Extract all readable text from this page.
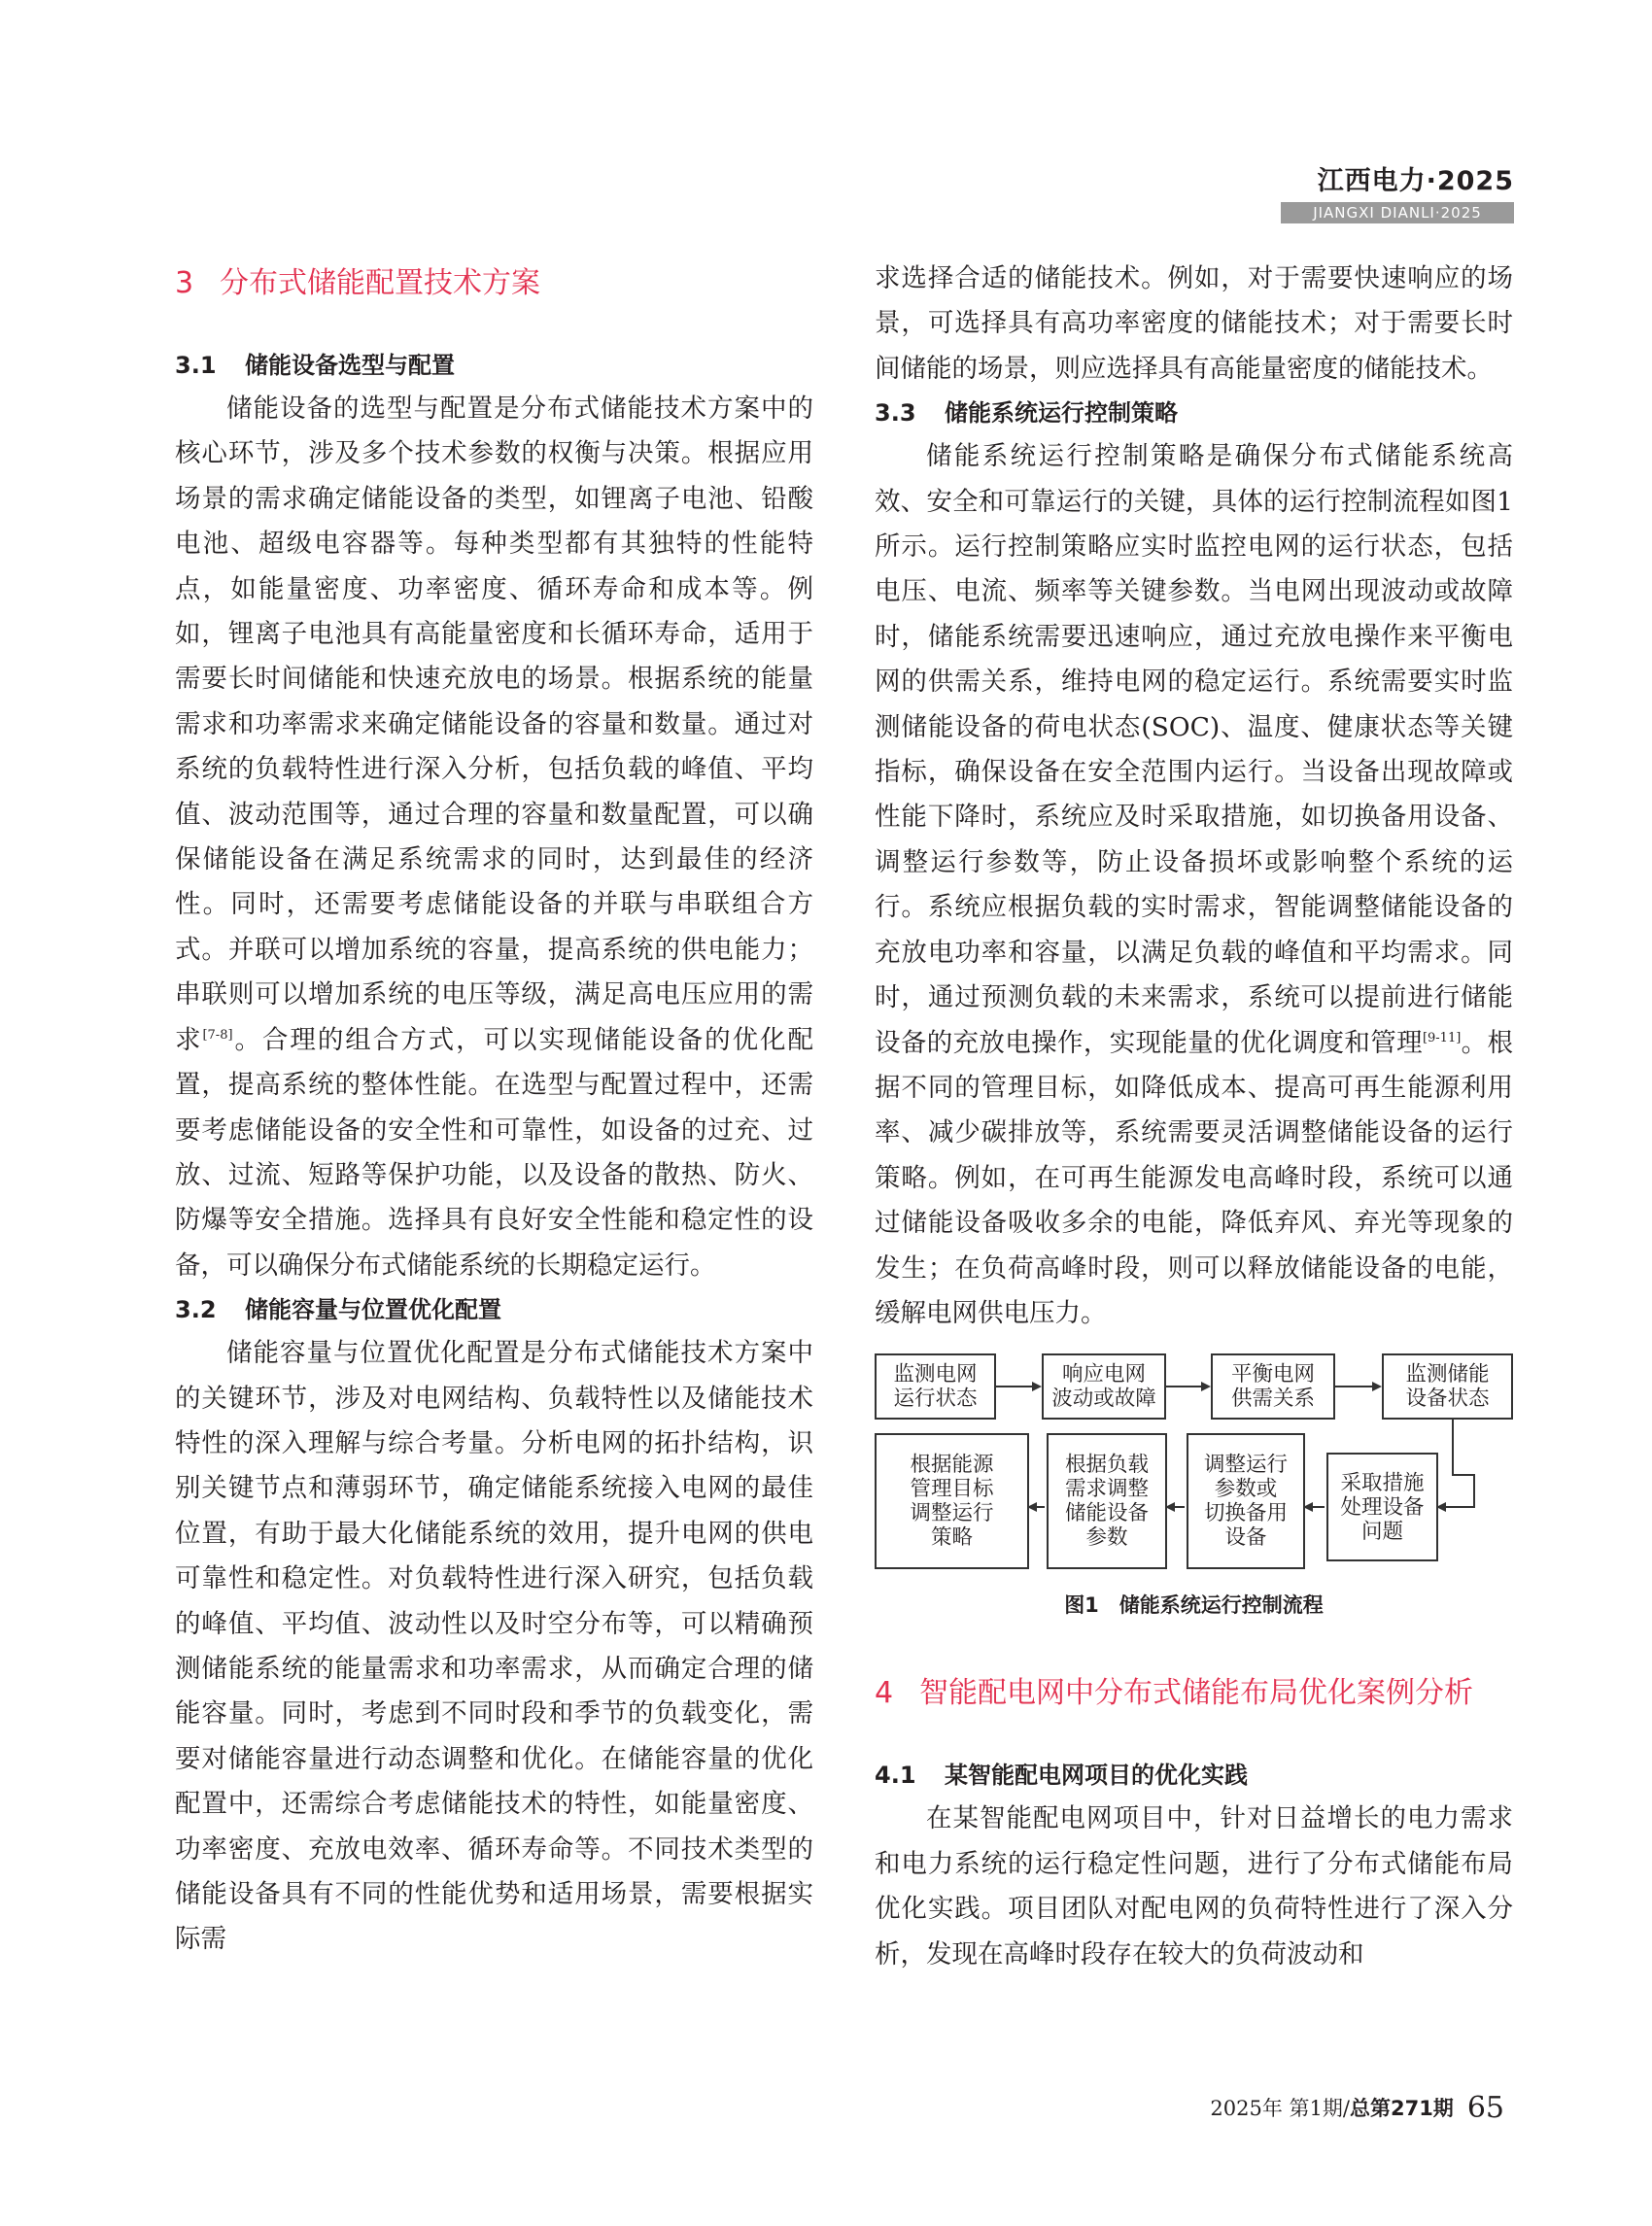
江西电力·2025
JIANGXI DIANLI·2025
3 分布式储能配置技术方案
3.1 储能设备选型与配置

储能设备的选型与配置是分布式储能技术方案中的核心环节，涉及多个技术参数的权衡与决策。根据应用场景的需求确定储能设备的类型，如锂离子电池、铅酸电池、超级电容器等。每种类型都有其独特的性能特点，如能量密度、功率密度、循环寿命和成本等。例如，锂离子电池具有高能量密度和长循环寿命，适用于需要长时间储能和快速充放电的场景。根据系统的能量需求和功率需求来确定储能设备的容量和数量。通过对系统的负载特性进行深入分析，包括负载的峰值、平均值、波动范围等，通过合理的容量和数量配置，可以确保储能设备在满足系统需求的同时，达到最佳的经济性。同时，还需要考虑储能设备的并联与串联组合方式。并联可以增加系统的容量，提高系统的供电能力；串联则可以增加系统的电压等级，满足高电压应用的需求[7-8]。合理的组合方式，可以实现储能设备的优化配置，提高系统的整体性能。在选型与配置过程中，还需要考虑储能设备的安全性和可靠性，如设备的过充、过放、过流、短路等保护功能，以及设备的散热、防火、防爆等安全措施。选择具有良好安全性能和稳定性的设备，可以确保分布式储能系统的长期稳定运行。

3.2 储能容量与位置优化配置

储能容量与位置优化配置是分布式储能技术方案中的关键环节，涉及对电网结构、负载特性以及储能技术特性的深入理解与综合考量。分析电网的拓扑结构，识别关键节点和薄弱环节，确定储能系统接入电网的最佳位置，有助于最大化储能系统的效用，提升电网的供电可靠性和稳定性。对负载特性进行深入研究，包括负载的峰值、平均值、波动性以及时空分布等，可以精确预测储能系统的能量需求和功率需求，从而确定合理的储能容量。同时，考虑到不同时段和季节的负载变化，需要对储能容量进行动态调整和优化。在储能容量的优化配置中，还需综合考虑储能技术的特性，如能量密度、功率密度、充放电效率、循环寿命等。不同技术类型的储能设备具有不同的性能优势和适用场景，需要根据实际需

求选择合适的储能技术。例如，对于需要快速响应的场景，可选择具有高功率密度的储能技术；对于需要长时间储能的场景，则应选择具有高能量密度的储能技术。

3.3 储能系统运行控制策略

储能系统运行控制策略是确保分布式储能系统高效、安全和可靠运行的关键，具体的运行控制流程如图1所示。运行控制策略应实时监控电网的运行状态，包括电压、电流、频率等关键参数。当电网出现波动或故障时，储能系统需要迅速响应，通过充放电操作来平衡电网的供需关系，维持电网的稳定运行。系统需要实时监测储能设备的荷电状态(SOC)、温度、健康状态等关键指标，确保设备在安全范围内运行。当设备出现故障或性能下降时，系统应及时采取措施，如切换备用设备、调整运行参数等，防止设备损坏或影响整个系统的运行。系统应根据负载的实时需求，智能调整储能设备的充放电功率和容量，以满足负载的峰值和平均需求。同时，通过预测负载的未来需求，系统可以提前进行储能设备的充放电操作，实现能量的优化调度和管理[9-11]。根据不同的管理目标，如降低成本、提高可再生能源利用率、减少碳排放等，系统需要灵活调整储能设备的运行策略。例如，在可再生能源发电高峰时段，系统可以通过储能设备吸收多余的电能，降低弃风、弃光等现象的发生；在负荷高峰时段，则可以释放储能设备的电能，缓解电网供电压力。

监测电网
运行状态
响应电网
波动或故障
平衡电网
供需关系
监测储能
设备状态
采取措施
处理设备
问题
调整运行
参数或
切换备用
设备
根据负载
需求调整
储能设备
参数
根据能源
管理目标
调整运行
策略
图1　储能系统运行控制流程
4 智能配电网中分布式储能布局优化案例分析
4.1 某智能配电网项目的优化实践

在某智能配电网项目中，针对日益增长的电力需求和电力系统的运行稳定性问题，进行了分布式储能布局优化实践。项目团队对配电网的负荷特性进行了深入分析，发现在高峰时段存在较大的负荷波动和

2025年 第1期/总第271期 65
